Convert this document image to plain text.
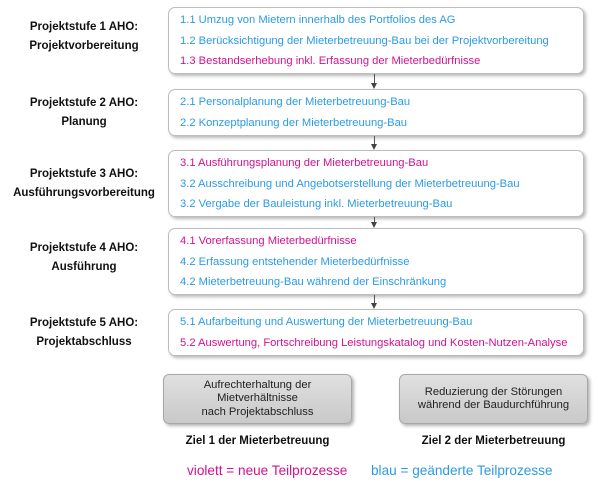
Projektstufe 1 AHO:
Projektvorbereitung
Projektstufe 2 AHO:
Planung
Projektstufe 3 AHO:
Ausführungsvorbereitung
Projektstufe 4 AHO:
Ausführung
Projektstufe 5 AHO:
Projektabschluss
1.1 Umzug von Mietern innerhalb des Portfolios des AG
1.2 Berücksichtigung der Mieterbetreuung-Bau bei der Projektvorbereitung
1.3 Bestandserhebung inkl. Erfassung der Mieterbedürfnisse
2.1 Personalplanung der Mieterbetreuung-Bau
2.2 Konzeptplanung der Mieterbetreuung-Bau
3.1 Ausführungsplanung der Mieterbetreuung-Bau
3.2 Ausschreibung und Angebotserstellung der Mieterbetreuung-Bau
3.2 Vergabe der Bauleistung inkl. Mieterbetreuung-Bau
4.1 Vorerfassung Mieterbedürfnisse
4.2 Erfassung entstehender Mieterbedürfnisse
4.2 Mieterbetreuung-Bau während der Einschränkung
5.1 Aufarbeitung und Auswertung der Mieterbetreuung-Bau
5.2 Auswertung, Fortschreibung Leistungskatalog und Kosten-Nutzen-Analyse
Aufrechterhaltung der
Mietverhältnisse
nach Projektabschluss
Reduzierung der Störungen
während der Baudurchführung
Ziel 1 der Mieterbetreuung	Ziel 2 der Mieterbetreuung
violett = neue Teilprozesse blau = geänderte Teilprozesse
